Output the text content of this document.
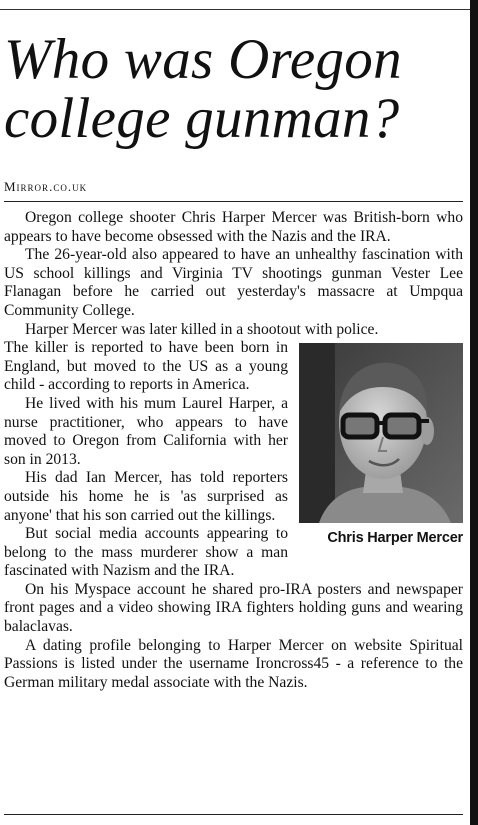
Who was Oregon
college gunman?
Mirror.co.uk

Oregon college shooter Chris Harper Mercer was British-born who appears to have become obsessed with the Nazis and the IRA.

The 26-year-old also appeared to have an unhealthy fascination with US school killings and Virginia TV shootings gunman Vester Lee Flanagan before he carried out yesterday's massacre at Umpqua Community College.

Harper Mercer was later killed in a shootout with police.

Chris Harper Mercer

The killer is reported to have been born in England, but moved to the US as a young child - according to reports in America.

He lived with his mum Laurel Harper, a nurse practitioner, who appears to have moved to Oregon from California with her son in 2013.

His dad Ian Mercer, has told reporters outside his home he is 'as surprised as anyone' that his son carried out the killings.

But social media accounts appearing to belong to the mass murderer show a man fascinated with Nazism and the IRA.

On his Myspace account he shared pro-IRA posters and newspaper front pages and a video showing IRA fighters holding guns and wearing balaclavas.

A dating profile belonging to Harper Mercer on website Spiritual Passions is listed under the username Ironcross45 - a reference to the German military medal associate with the Nazis.
